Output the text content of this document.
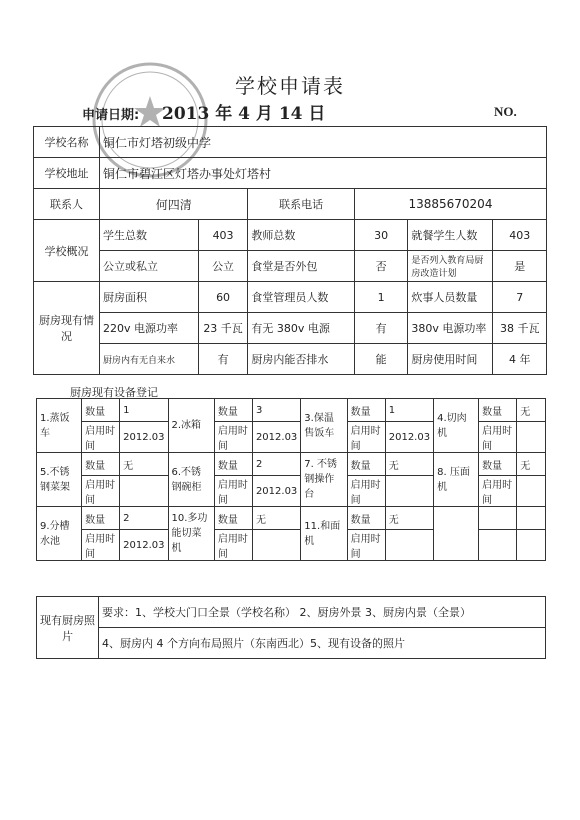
学校申请表
申请日期: 2013 年 4 月 14 日	NO.
学校名称	铜仁市灯塔初级中学					
学校地址	铜仁市碧江区灯塔办事处灯塔村					
联系人	何四清		联系电话	13885670204		
学校概况	学生总数	403	教师总数	30	就餐学生人数	403
	公立或私立	公立	食堂是否外包	否	是否列入教育局厨房改造计划	是
厨房现有情况	厨房面积	60	食堂管理员人数	1	炊事人员数量	7
	220v 电源功率	23 千瓦	有无 380v 电源	有	380v 电源功率	38 千瓦
	厨房内有无自来水	有	厨房内能否排水	能	厨房使用时间	4 年
厨房现有设备登记
1.蒸饭车	数量	1	2.冰箱	数量	3	3.保温售饭车	数量	1	4.切肉机	数量	无
	启用时间	2012.03		启用时间	2012.03		启用时间	2012.03		启用时间	
5.不锈钢菜架	数量	无	6.不锈钢碗柜	数量	2	7. 不锈钢操作台	数量	无	8. 压面机	数量	无
	启用时间			启用时间	2012.03		启用时间			启用时间	
9.分槽水池	数量	2	10.多功能切菜机	数量	无	11.和面机	数量	无			
	启用时间	2012.03		启用时间			启用时间				
现有厨房照片	要求：1、学校大门口全景（学校名称） 2、厨房外景 3、厨房内景（全景）
4、厨房内 4 个方向布局照片（东南西北）5、现有设备的照片
